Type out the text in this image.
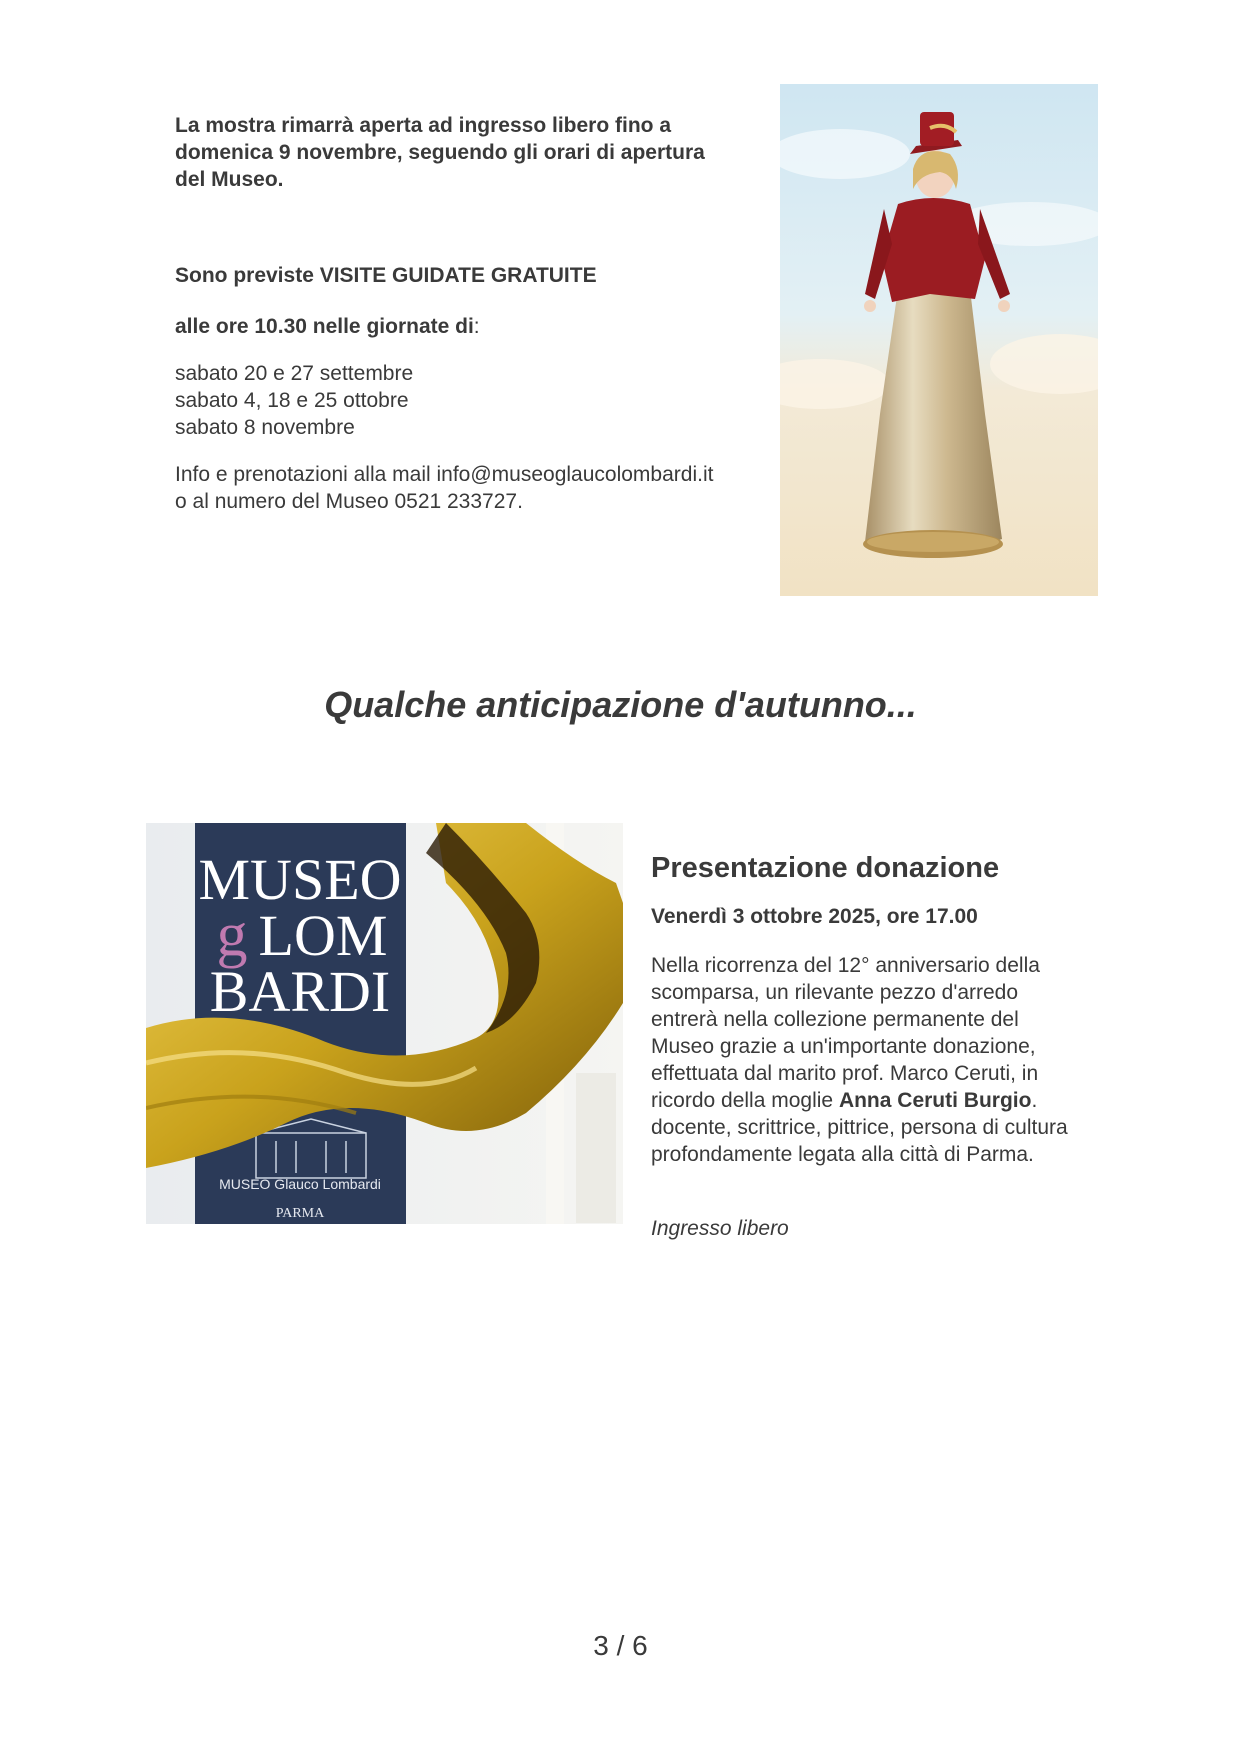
La mostra rimarrà aperta ad ingresso libero fino a domenica 9 novembre, seguendo gli orari di apertura del Museo.
Sono previste VISITE GUIDATE GRATUITE
alle ore 10.30 nelle giornate di:
sabato 20 e 27 settembre
sabato 4, 18 e 25 ottobre
sabato 8 novembre
Info e prenotazioni alla mail info@museoglaucolombardi.it
o al numero del Museo 0521 233727.
Qualche anticipazione d'autunno...
MUSEO
g LOM
BARDI
MUSEO Glauco Lombardi
PARMA
Presentazione donazione
Venerdì 3 ottobre 2025, ore 17.00
Nella ricorrenza del 12° anniversario della scomparsa, un rilevante pezzo d'arredo entrerà nella collezione permanente del Museo grazie a un'importante donazione, effettuata dal marito prof. Marco Ceruti, in ricordo della moglie Anna Ceruti Burgio. docente, scrittrice, pittrice, persona di cultura profondamente legata alla città di Parma.
Ingresso libero
3 / 6
